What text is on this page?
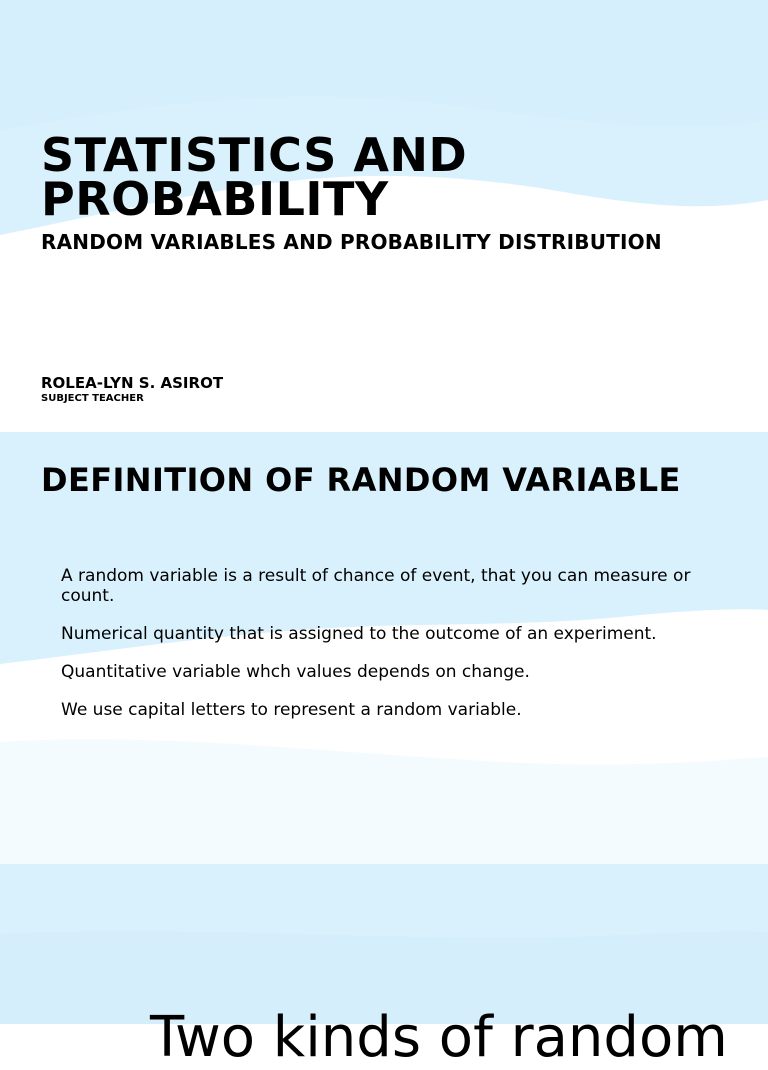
STATISTICS AND
PROBABILITY

RANDOM VARIABLES AND PROBABILITY DISTRIBUTION

ROLEA-LYN S. ASIROT

SUBJECT TEACHER

DEFINITION OF RANDOM VARIABLE
A random variable is a result of chance of event, that you can measure or count.
Numerical quantity that is assigned to the outcome of an experiment.
Quantitative variable whch values depends on change.
We use capital letters to represent a random variable.
Two kinds of random
